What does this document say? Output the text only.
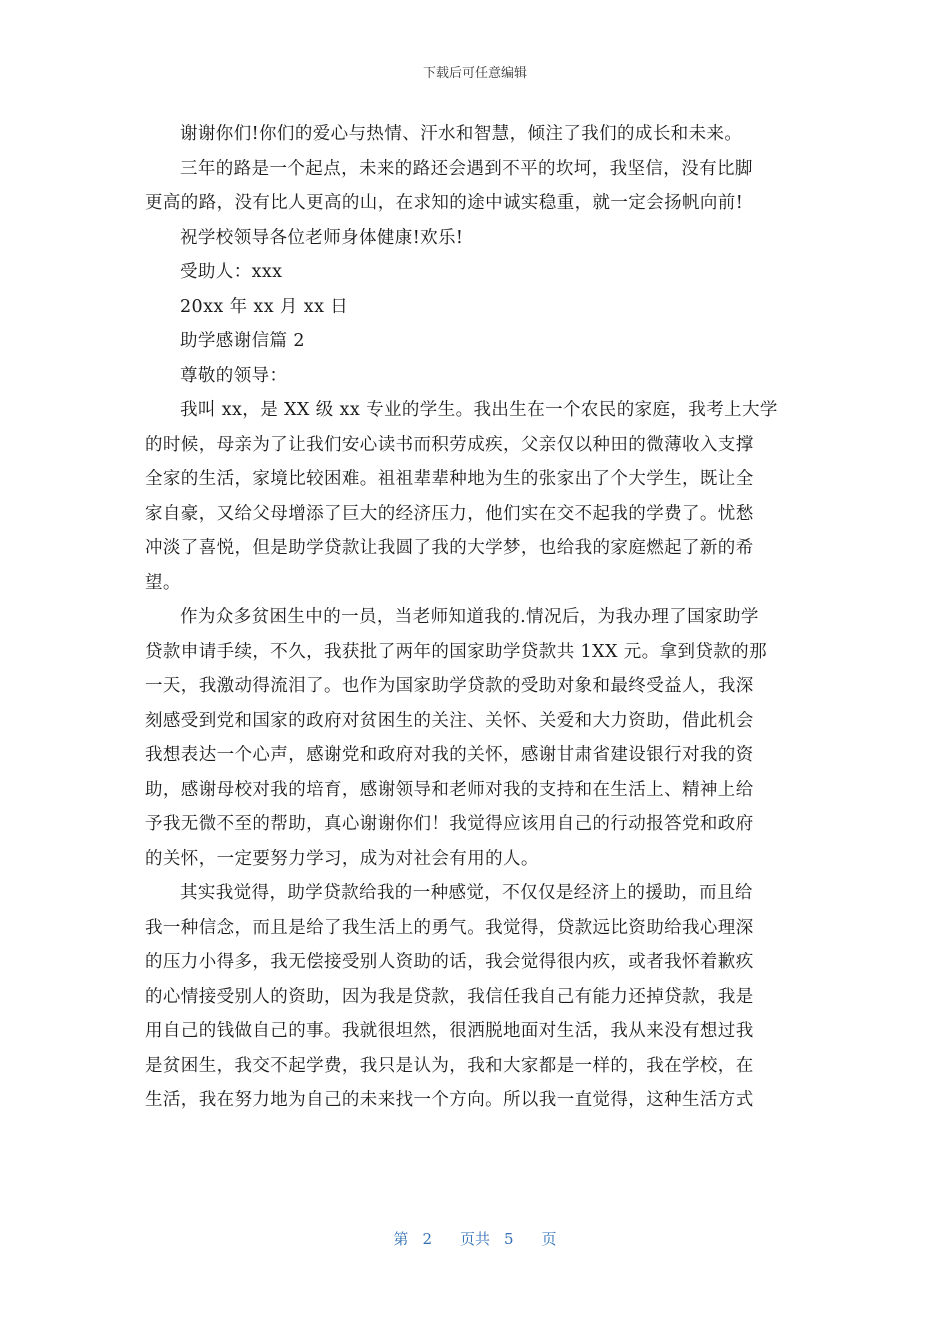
下载后可任意编辑
谢谢你们!你们的爱心与热情、汗水和智慧，倾注了我们的成长和未来。
三年的路是一个起点，未来的路还会遇到不平的坎坷，我坚信，没有比脚
更高的路，没有比人更高的山，在求知的途中诚实稳重，就一定会扬帆向前!
祝学校领导各位老师身体健康!欢乐!
受助人：xxx
20xx 年 xx 月 xx 日
助学感谢信篇 2
尊敬的领导：
我叫 xx，是 XX 级 xx 专业的学生。我出生在一个农民的家庭，我考上大学
的时候，母亲为了让我们安心读书而积劳成疾，父亲仅以种田的微薄收入支撑
全家的生活，家境比较困难。祖祖辈辈种地为生的张家出了个大学生，既让全
家自豪，又给父母增添了巨大的经济压力，他们实在交不起我的学费了。忧愁
冲淡了喜悦，但是助学贷款让我圆了我的大学梦，也给我的家庭燃起了新的希
望。
作为众多贫困生中的一员，当老师知道我的.情况后，为我办理了国家助学
贷款申请手续，不久，我获批了两年的国家助学贷款共 1XX 元。拿到贷款的那
一天，我激动得流泪了。也作为国家助学贷款的受助对象和最终受益人，我深
刻感受到党和国家的政府对贫困生的关注、关怀、关爱和大力资助，借此机会
我想表达一个心声，感谢党和政府对我的关怀，感谢甘肃省建设银行对我的资
助，感谢母校对我的培育，感谢领导和老师对我的支持和在生活上、精神上给
予我无微不至的帮助，真心谢谢你们！我觉得应该用自己的行动报答党和政府
的关怀，一定要努力学习，成为对社会有用的人。
其实我觉得，助学贷款给我的一种感觉，不仅仅是经济上的援助，而且给
我一种信念，而且是给了我生活上的勇气。我觉得，贷款远比资助给我心理深
的压力小得多，我无偿接受别人资助的话，我会觉得很内疚，或者我怀着歉疚
的心情接受别人的资助，因为我是贷款，我信任我自己有能力还掉贷款，我是
用自己的钱做自己的事。我就很坦然，很洒脱地面对生活，我从来没有想过我
是贫困生，我交不起学费，我只是认为，我和大家都是一样的，我在学校，在
生活，我在努力地为自己的未来找一个方向。所以我一直觉得，这种生活方式
第 2 页共 5 页
